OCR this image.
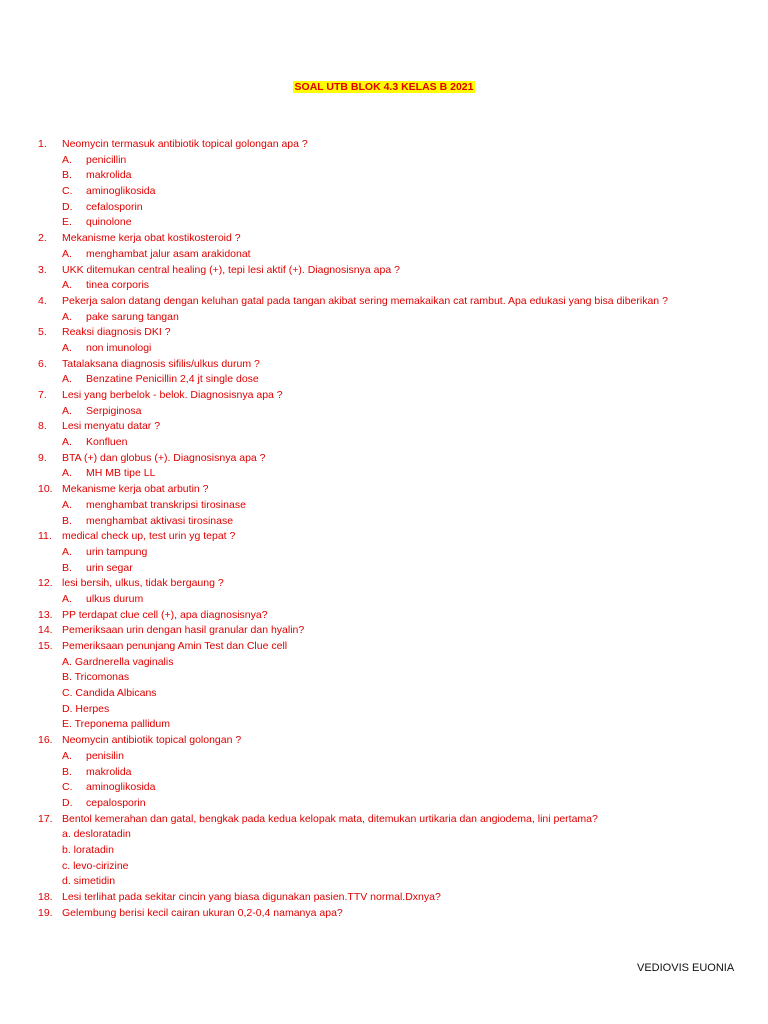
SOAL UTB BLOK 4.3 KELAS B 2021
1.	Neomycin termasuk antibiotik topical golongan apa ?
A.	penicillin
B.	makrolida
C.	aminoglikosida
D.	cefalosporin
E.	quinolone
2.	Mekanisme kerja obat kostikosteroid ?
A.	menghambat jalur asam arakidonat
3.	UKK ditemukan central healing (+), tepi lesi aktif (+). Diagnosisnya apa ?
A.	tinea corporis
4.	Pekerja salon datang dengan keluhan gatal pada tangan akibat sering memakaikan cat rambut. Apa edukasi yang bisa diberikan ?
A.	pake sarung tangan
5.	Reaksi diagnosis DKI ?
A.	non imunologi
6.	Tatalaksana diagnosis sifilis/ulkus durum ?
A.	Benzatine Penicillin 2,4 jt single dose
7.	Lesi yang berbelok - belok. Diagnosisnya apa ?
A.	Serpiginosa
8.	Lesi menyatu datar ?
A.	Konfluen
9.	BTA (+) dan globus (+). Diagnosisnya apa ?
A.	MH MB tipe LL
10. Mekanisme kerja obat arbutin ?
A.	menghambat transkripsi tirosinase
B.	menghambat aktivasi tirosinase
11. medical check up, test urin yg tepat ?
A.	urin tampung
B.	urin segar
12. lesi bersih, ulkus, tidak bergaung ?
A.	ulkus durum
13. PP terdapat clue cell (+), apa diagnosisnya?
14. Pemeriksaan urin dengan hasil granular dan hyalin?
15. Pemeriksaan penunjang Amin Test dan Clue cell
A. Gardnerella vaginalis
B. Tricomonas
C. Candida Albicans
D. Herpes
E. Treponema pallidum
16. Neomycin antibiotik topical golongan ?
A.	penisilin
B.	makrolida
C.	aminoglikosida
D.	cepalosporin
17. Bentol kemerahan dan gatal, bengkak pada kedua kelopak mata, ditemukan urtikaria dan angiodema, lini pertama?
a. desloratadin
b. loratadin
c. levo-cirizine
d. simetidin
18. Lesi terlihat pada sekitar cincin yang biasa digunakan pasien.TTV normal.Dxnya?
19. Gelembung berisi kecil cairan ukuran 0,2-0,4 namanya apa?
VEDIOVIS EUONIA
